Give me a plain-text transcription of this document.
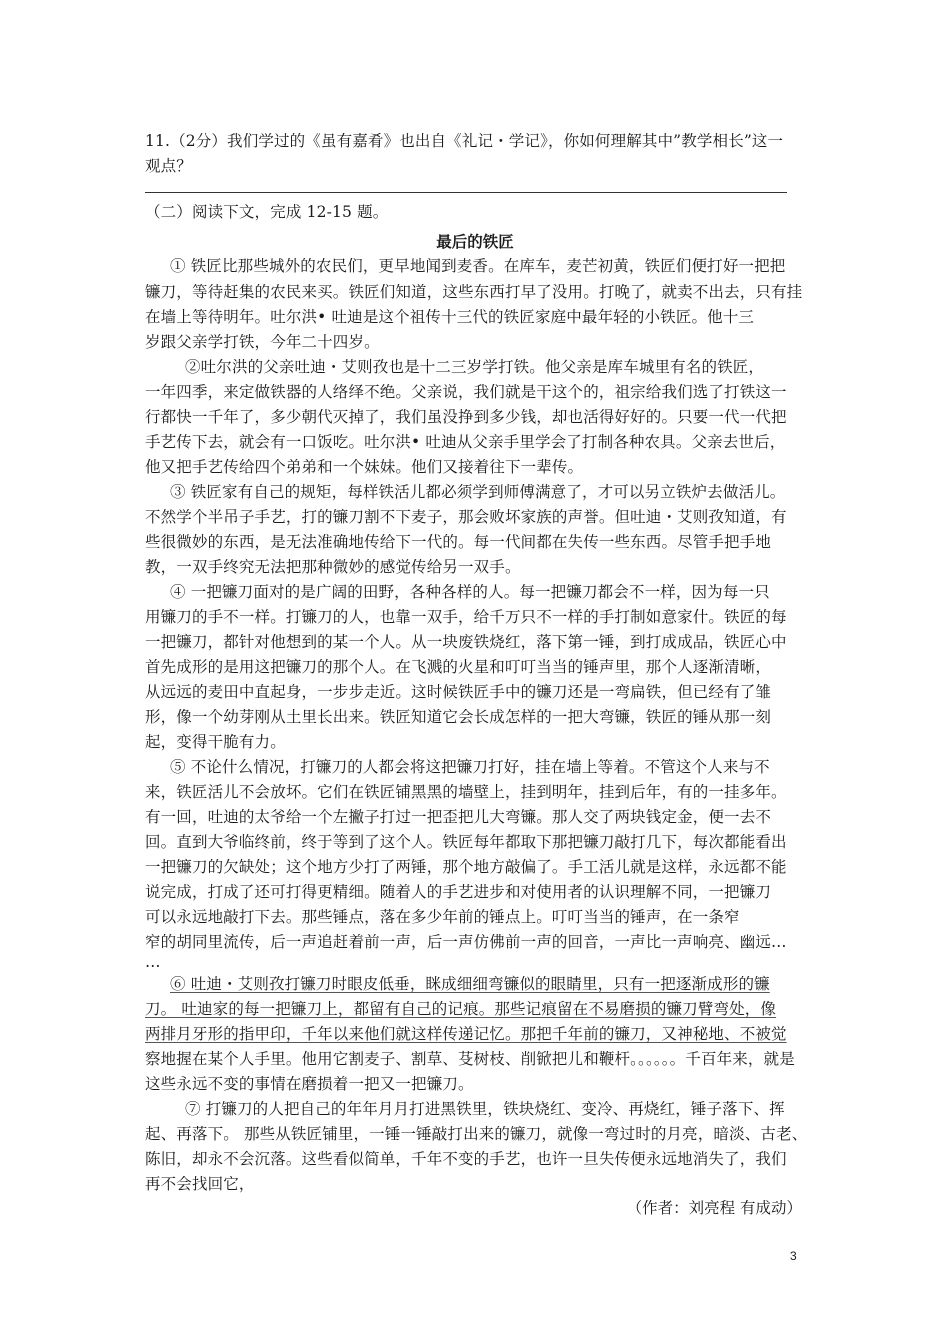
11.（2分）我们学过的《虽有嘉肴》也出自《礼记・学记》，你如何理解其中”教学相长”这一
观点？
（二）阅读下文，完成 12-15 题。
最后的铁匠
① 铁匠比那些城外的农民们，更早地闻到麦香。在库车，麦芒初黄，铁匠们便打好一把把
镰刀，等待赶集的农民来买。铁匠们知道，这些东西打早了没用。打晚了，就卖不出去，只有挂
在墙上等待明年。吐尔洪• 吐迪是这个祖传十三代的铁匠家庭中最年轻的小铁匠。他十三
岁跟父亲学打铁，今年二十四岁。
②吐尔洪的父亲吐迪・艾则孜也是十二三岁学打铁。他父亲是库车城里有名的铁匠，
一年四季，来定做铁器的人络绎不绝。父亲说，我们就是干这个的，祖宗给我们选了打铁这一
行都快一千年了，多少朝代灭掉了，我们虽没挣到多少钱，却也活得好好的。只要一代一代把
手艺传下去，就会有一口饭吃。吐尔洪• 吐迪从父亲手里学会了打制各种农具。父亲去世后，
他又把手艺传给四个弟弟和一个妹妹。他们又接着往下一辈传。
③ 铁匠家有自己的规矩，每样铁活儿都必须学到师傅满意了，才可以另立铁炉去做活儿。
不然学个半吊子手艺，打的镰刀割不下麦子，那会败坏家族的声誉。但吐迪・艾则孜知道，有
些很微妙的东西，是无法准确地传给下一代的。每一代间都在失传一些东西。尽管手把手地
教，一双手终究无法把那种微妙的感觉传给另一双手。
④ 一把镰刀面对的是广阔的田野，各种各样的人。每一把镰刀都会不一样，因为每一只
用镰刀的手不一样。打镰刀的人，也靠一双手，给千万只不一样的手打制如意家什。铁匠的每
一把镰刀，都针对他想到的某一个人。从一块废铁烧红，落下第一锤，到打成成品，铁匠心中
首先成形的是用这把镰刀的那个人。在飞溅的火星和叮叮当当的锤声里，那个人逐渐清晰，
从远远的麦田中直起身，一步步走近。这时候铁匠手中的镰刀还是一弯扁铁，但已经有了雏
形，像一个幼芽刚从土里长出来。铁匠知道它会长成怎样的一把大弯镰，铁匠的锤从那一刻
起，变得干脆有力。
⑤ 不论什么情况，打镰刀的人都会将这把镰刀打好，挂在墙上等着。不管这个人来与不
来，铁匠活儿不会放坏。它们在铁匠铺黑黑的墙壁上，挂到明年，挂到后年，有的一挂多年。
有一回，吐迪的太爷给一个左撇子打过一把歪把儿大弯镰。那人交了两块钱定金，便一去不
回。直到大爷临终前，终于等到了这个人。铁匠每年都取下那把镰刀敲打几下，每次都能看出
一把镰刀的欠缺处；这个地方少打了两锤，那个地方敲偏了。手工活儿就是这样，永远都不能
说完成，打成了还可打得更精细。随着人的手艺进步和对使用者的认识理解不同，一把镰刀
可以永远地敲打下去。那些锤点，落在多少年前的锤点上。叮叮当当的锤声，在一条窄
窄的胡同里流传，后一声追赶着前一声，后一声仿佛前一声的回音，一声比一声响亮、幽远…
…
⑥ 吐迪・艾则孜打镰刀时眼皮低垂，眯成细细弯镰似的眼睛里，只有一把逐渐成形的镰
刀。 吐迪家的每一把镰刀上，都留有自己的记痕。那些记痕留在不易磨损的镰刀臂弯处，像
两排月牙形的指甲印，千年以来他们就这样传递记忆。那把千年前的镰刀，又神秘地、不被觉
察地握在某个人手里。他用它割麦子、割草、芟树枝、削锨把儿和鞭杆。。。。。。千百年来，就是
这些永远不变的事情在磨损着一把又一把镰刀。
⑦ 打镰刀的人把自己的年年月月打进黑铁里，铁块烧红、变冷、再烧红，锤子落下、挥
起、再落下。 那些从铁匠铺里，一锤一锤敲打出来的镰刀，就像一弯过时的月亮，暗淡、古老、
陈旧，却永不会沉落。这些看似简单，千年不变的手艺，也许一旦失传便永远地消失了，我们
再不会找回它，
（作者：刘亮程 有成动）
3
